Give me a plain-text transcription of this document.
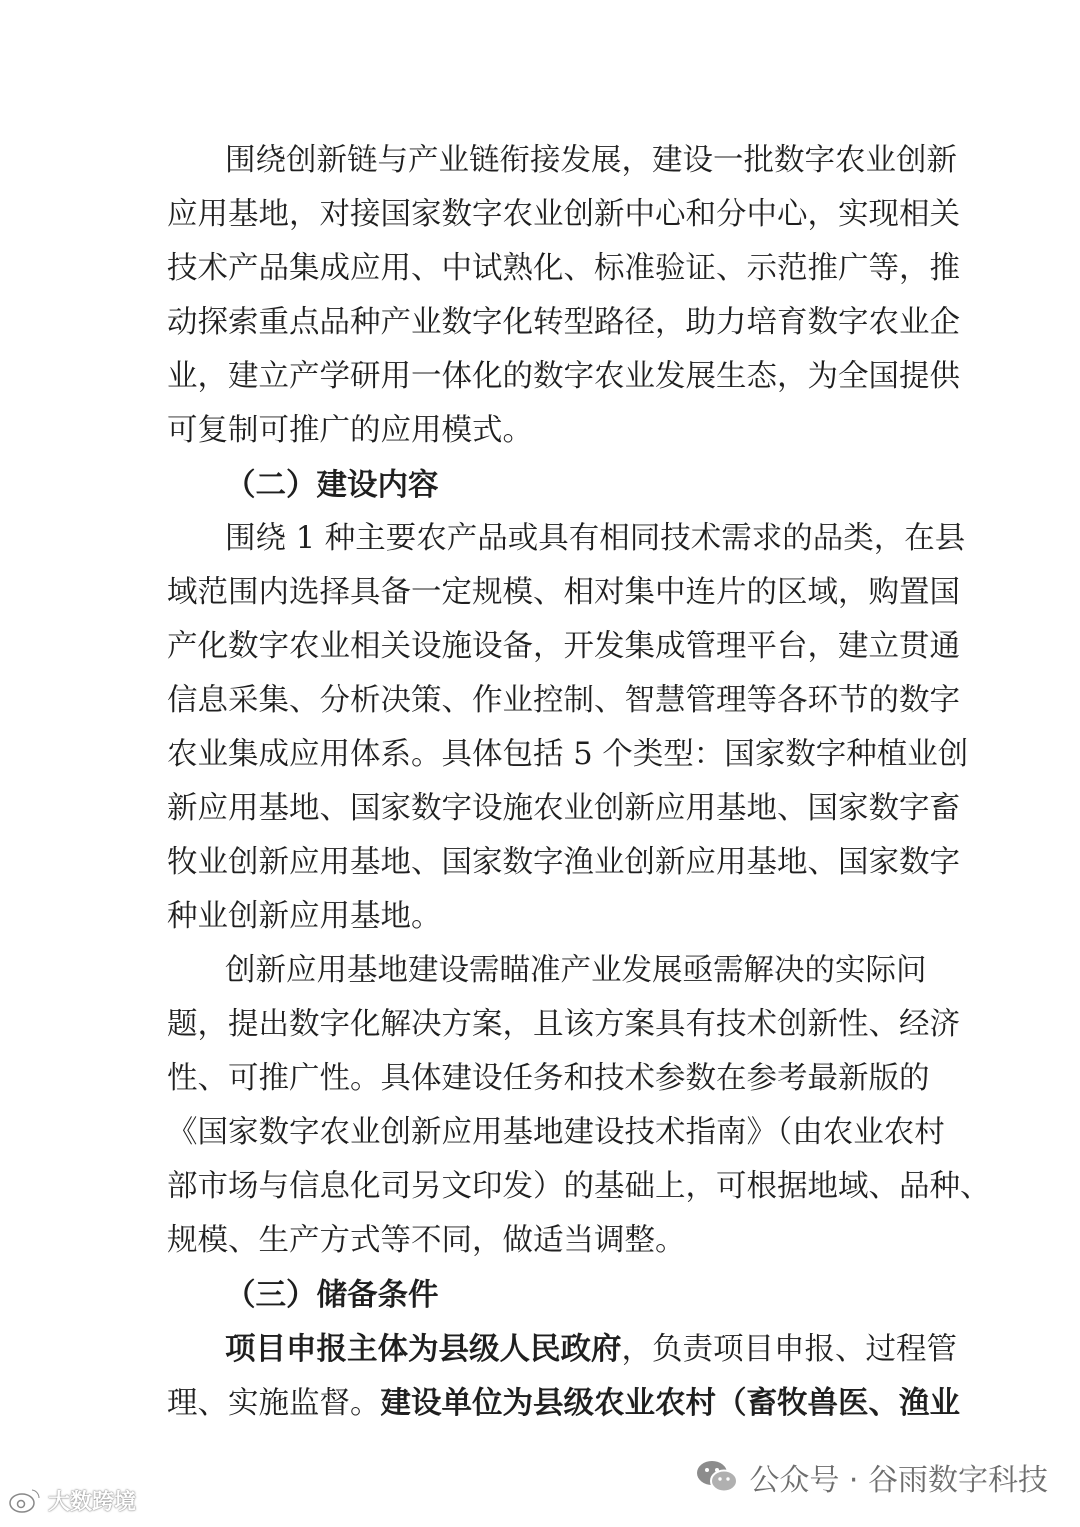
围绕创新链与产业链衔接发展，建设一批数字农业创新
应用基地，对接国家数字农业创新中心和分中心，实现相关
技术产品集成应用、中试熟化、标准验证、示范推广等，推
动探索重点品种产业数字化转型路径，助力培育数字农业企
业，建立产学研用一体化的数字农业发展生态，为全国提供
可复制可推广的应用模式。
（二）建设内容
围绕 1 种主要农产品或具有相同技术需求的品类，在县
域范围内选择具备一定规模、相对集中连片的区域，购置国
产化数字农业相关设施设备，开发集成管理平台，建立贯通
信息采集、分析决策、作业控制、智慧管理等各环节的数字
农业集成应用体系。具体包括 5 个类型：国家数字种植业创
新应用基地、国家数字设施农业创新应用基地、国家数字畜
牧业创新应用基地、国家数字渔业创新应用基地、国家数字
种业创新应用基地。
创新应用基地建设需瞄准产业发展亟需解决的实际问
题，提出数字化解决方案，且该方案具有技术创新性、经济
性、可推广性。具体建设任务和技术参数在参考最新版的
《国家数字农业创新应用基地建设技术指南》（由农业农村
部市场与信息化司另文印发）的基础上，可根据地域、品种、
规模、生产方式等不同，做适当调整。
（三）储备条件
项目申报主体为县级人民政府，负责项目申报、过程管
理、实施监督。建设单位为县级农业农村（畜牧兽医、渔业
公众号 · 谷雨数字科技
大数跨境
